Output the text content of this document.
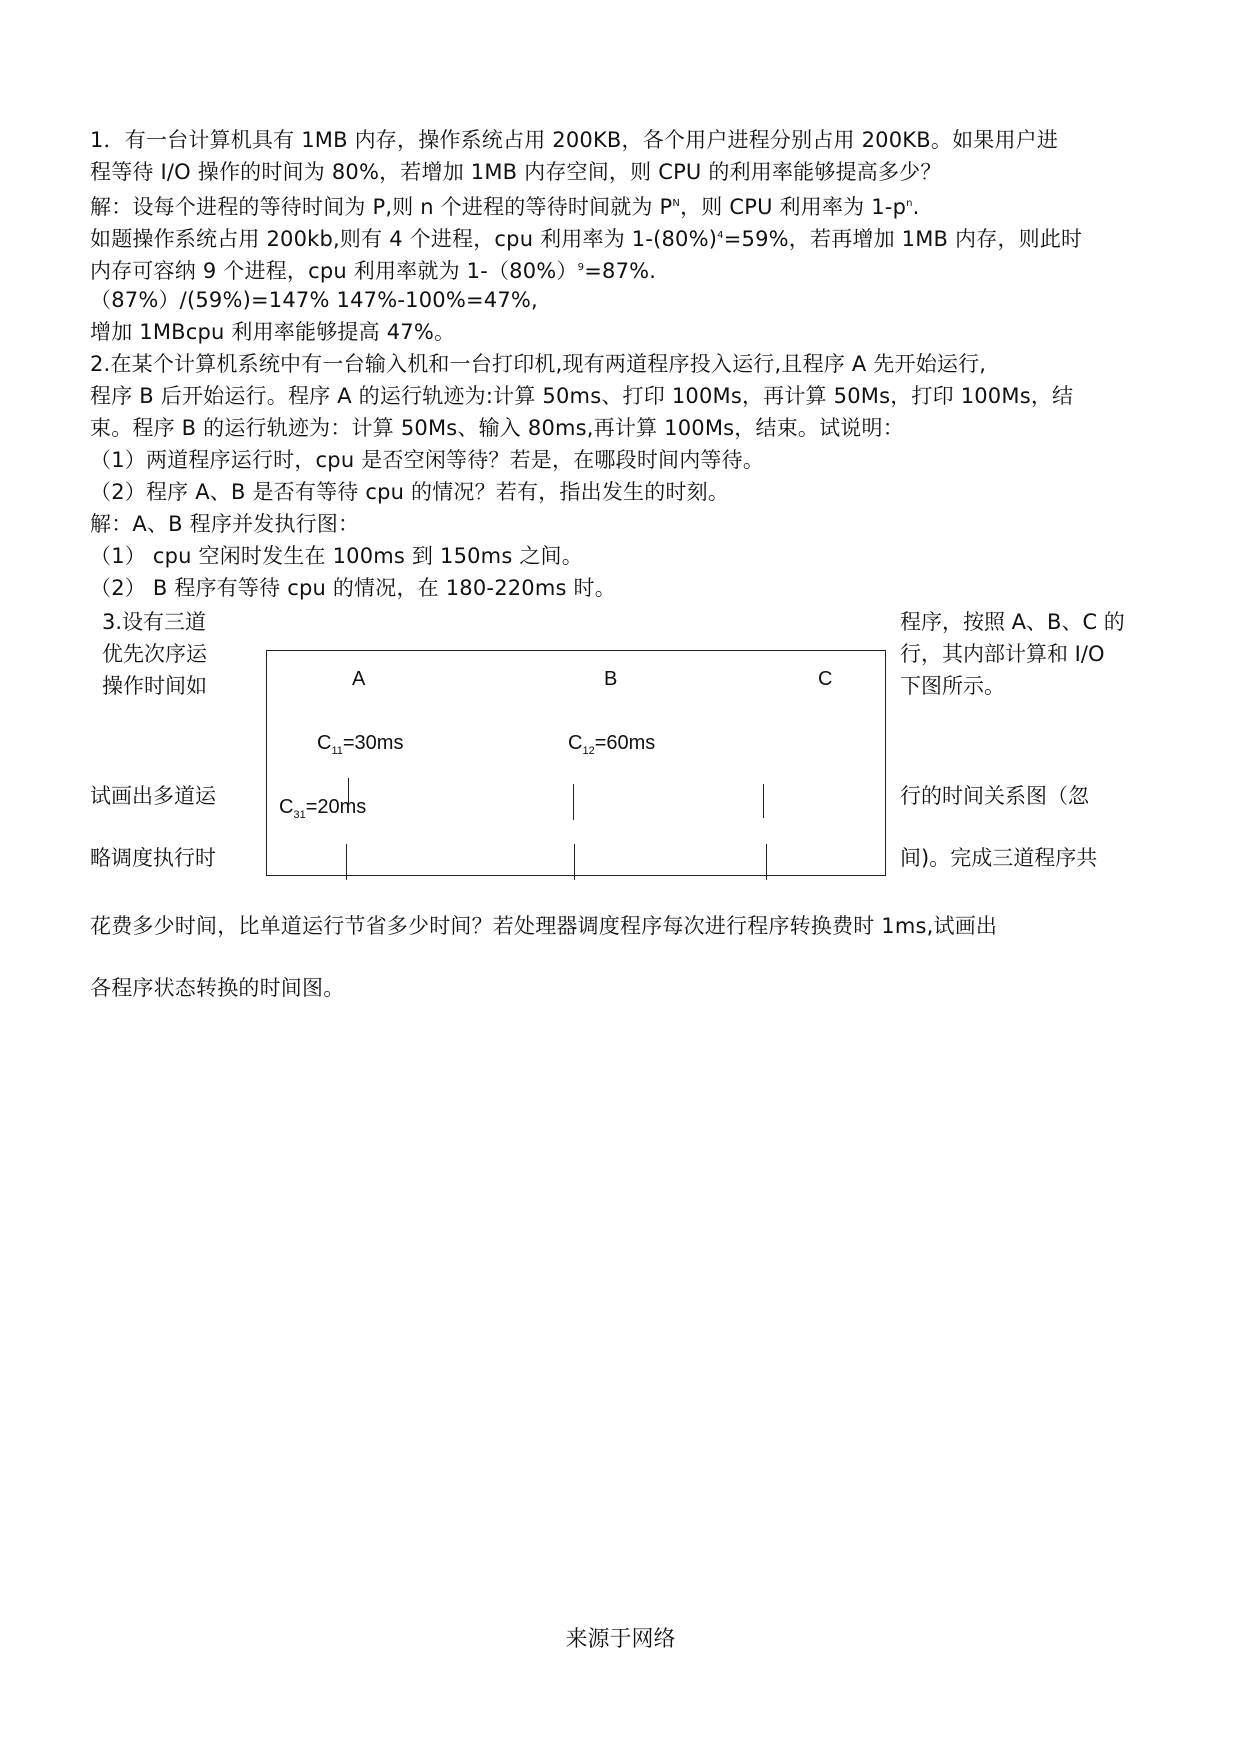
1．有一台计算机具有 1MB 内存，操作系统占用 200KB，各个用户进程分别占用 200KB。如果用户进
程等待 I/O 操作的时间为 80%，若增加 1MB 内存空间，则 CPU 的利用率能够提高多少？
解：设每个进程的等待时间为 P,则 n 个进程的等待时间就为 $P^N$，则 CPU 利用率为 $1-p^n$.
如题操作系统占用 200kb,则有 4 个进程，cpu 利用率为 $1-(80\%)^4=59\%$，若再增加 1MB 内存，则此时
内存可容纳 9 个进程，cpu 利用率就为 $1-(80\%)^9=87\%$.
（87%）/(59%)=147% 147%-100%=47%,
增加 1MBcpu 利用率能够提高 47%。
2.在某个计算机系统中有一台输入机和一台打印机,现有两道程序投入运行,且程序 A 先开始运行,
程序 B 后开始运行。程序 A 的运行轨迹为:计算 50ms、打印 100Ms，再计算 50Ms，打印 100Ms，结
束。程序 B 的运行轨迹为：计算 50Ms、输入 80ms,再计算 100Ms，结束。试说明：
（1）两道程序运行时，cpu 是否空闲等待？若是，在哪段时间内等待。
（2）程序 A、B 是否有等待 cpu 的情况？若有，指出发生的时刻。
解：A、B 程序并发执行图：
（1） cpu 空闲时发生在 100ms 到 150ms 之间。
（2） B 程序有等待 cpu 的情况，在 180-220ms 时。
3.设有三道
优先次序运
操作时间如
试画出多道运
略调度执行时
程序，按照 A、B、C 的
行，其内部计算和 I/O
下图所示。
行的时间关系图（忽
间)。完成三道程序共
A	B	C
$C_{11}=30ms$	$C_{12}=60ms$
$C_{31}=20ms$
花费多少时间，比单道运行节省多少时间？若处理器调度程序每次进行程序转换费时 1ms,试画出
各程序状态转换的时间图。
来源于网络
